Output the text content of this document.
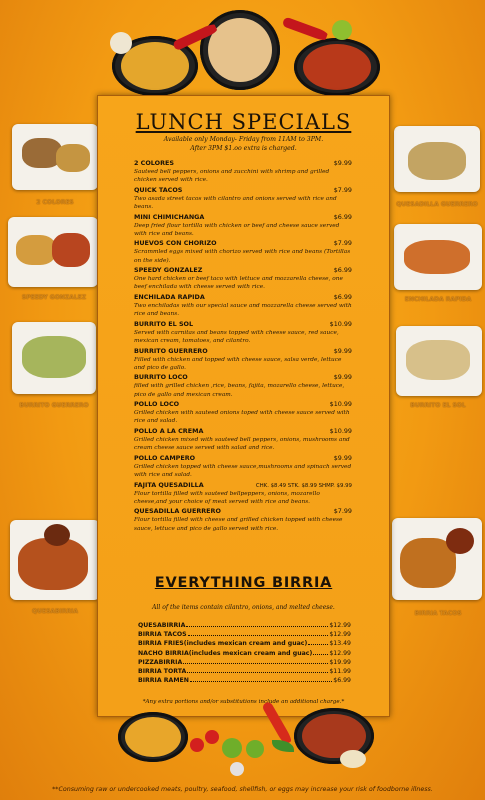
2 COLORES
SPEEDY GONZALEZ
BURRITO GUERRERO
QUESABIRRIA
QUESADILLA GUERRERO
ENCHILADA RAPIDA
BURRITO EL SOL
BIRRIA TACOS
LUNCH SPECIALS
Available only Monday- Friday from 11AM to 3PM.
After 3PM $1.oo extra is charged.
2 COLORES	$9.99
Sauteed bell peppers, onions and zucchini with shrimp and grilled chicken served with rice.
QUICK TACOS	$7.99
Two asada street tacos with cilantro and onions served with rice and beans.
MINI CHIMICHANGA	$6.99
Deep fried flour tortilla with chicken or beef and cheese sauce served with rice and beans.
HUEVOS CON CHORIZO	$7.99
Scrammled eggs mixed with chorizo served with rice and beans (Tortillas on the side).
SPEEDY GONZALEZ	$6.99
One hard chicken or beef taco with lettuce and mozzarella cheese, one beef enchilada with cheese served with rice.
ENCHILADA RAPIDA	$6.99
Two enchiladas with our special sauce and mozzarella cheese served with rice and beans.
BURRITO EL SOL	$10.99
Served with carnitas and beans topped with cheese sauce, red sauce, mexican cream, tomatoes, and cilantro.
BURRITO GUERRERO	$9.99
Filled with chicken and topped with cheese sauce, salsa verde, lettuce and pico de gallo.
BURRITO LOCO	$9.99
filled with grilled chicken ,rice, beans, fajita, mozarello cheese, lettuce, pico de gallo and mexican cream.
POLLO LOCO	$10.99
Grilled chicken with sauteed onions toped with cheese sauce served with rice and salad.
POLLO A LA CREMA	$10.99
Grilled chicken mixed with sauteed bell peppers, onions, mushrooms and cream cheese sauce served with salad and rice.
POLLO CAMPERO	$9.99
Grilled chicken topped with cheese sauce,mushrooms and spinach served with rice and salad.
FAJITA QUESADILLA	CHK. $8.49 STK. $8.99 SHMP. $9.99
Flour tortilla filled with sauteed bellpeppers, onions, mozarello cheese,and your choice of meat served with rice and beans.
QUESADILLA GUERRERO	$7.99
Flour tortilla filled with cheese and grilled chicken topped with cheese sauce, lettuce and pico de gallo served with rice.
EVERYTHING BIRRIA
All of the items contain cilantro, onions, and melted cheese.
QUESABIRRIA	$12.99
BIRRIA TACOS	$12.99
BIRRIA FRIES(includes mexican cream and guac)	$13.49
NACHO BIRRIA(includes mexican cream and guac)	$12.99
PIZZABIRRIA	$19.99
BIRRIA TORTA	$11.99
BIRRIA RAMEN	$6.99
*Any extra portions and/or substitutions include an additional charge.*
**Consuming raw or undercooked meats, poultry, seafood, shellfish, or eggs may increase your risk of foodborne illness.
